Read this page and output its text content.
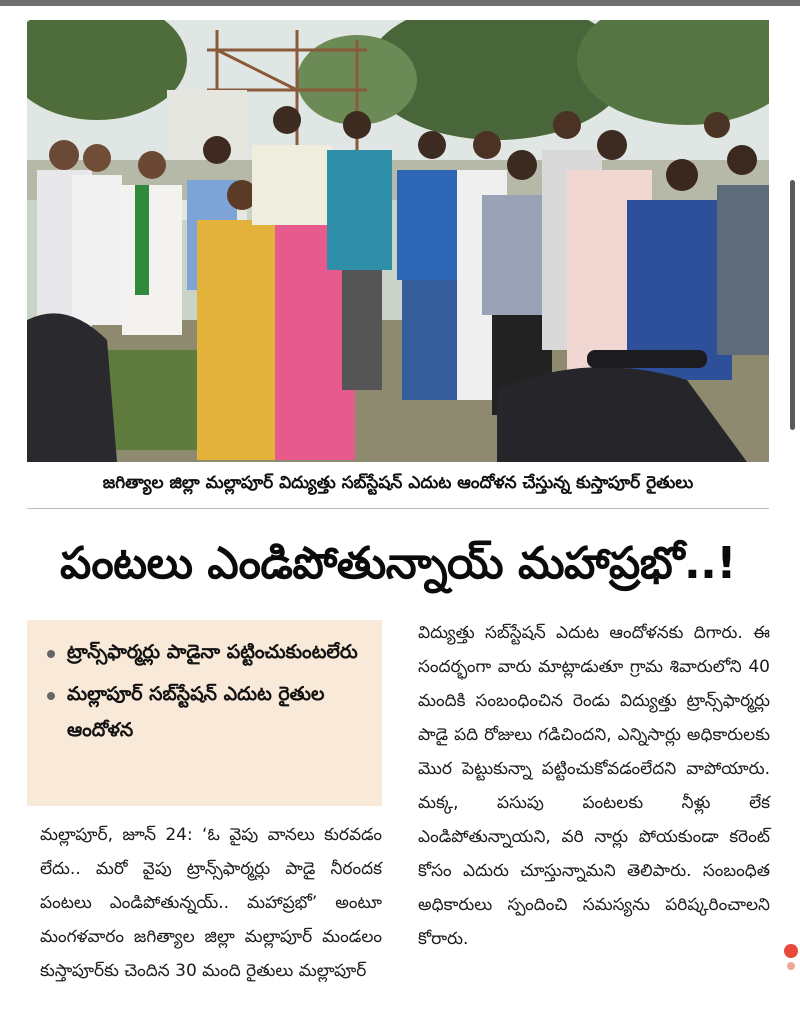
జగిత్యాల జిల్లా మల్లాపూర్ విద్యుత్తు సబ్‌స్టేషన్ ఎదుట ఆందోళన చేస్తున్న కుస్తాపూర్ రైతులు
పంటలు ఎండిపోతున్నాయ్ మహాప్రభో..!
ట్రాన్స్‌ఫార్మర్లు పాడైనా పట్టించుకుంటలేరు
మల్లాపూర్ సబ్‌స్టేషన్ ఎదుట రైతుల ఆందోళన
మల్లాపూర్, జూన్ 24: ‘ఓ వైపు వానలు కురవడం లేదు.. మరో వైపు ట్రాన్స్‌ఫార్మర్లు పాడై నీరందక పంటలు ఎండిపోతున్నయ్.. మహాప్రభో’ అంటూ మంగళవారం జగిత్యాల జిల్లా మల్లాపూర్ మండలం కుస్తాపూర్‌కు చెందిన 30 మంది రైతులు మల్లాపూర్
విద్యుత్తు సబ్‌స్టేషన్ ఎదుట ఆందోళనకు దిగారు. ఈ సందర్భంగా వారు మాట్లాడుతూ గ్రామ శివారులోని 40 మందికి సంబంధించిన రెండు విద్యుత్తు ట్రాన్స్‌ఫార్మర్లు పాడై పది రోజులు గడిచిందని, ఎన్నిసార్లు అధికారులకు మొర పెట్టుకున్నా పట్టించుకోవడంలేదని వాపోయారు. మక్క, పసుపు పంటలకు నీళ్లు లేక ఎండిపోతున్నాయని, వరి నార్లు పోయకుండా కరెంట్ కోసం ఎదురు చూస్తున్నామని తెలిపారు. సంబంధిత అధికారులు స్పందించి సమస్యను పరిష్కరించాలని కోరారు.
